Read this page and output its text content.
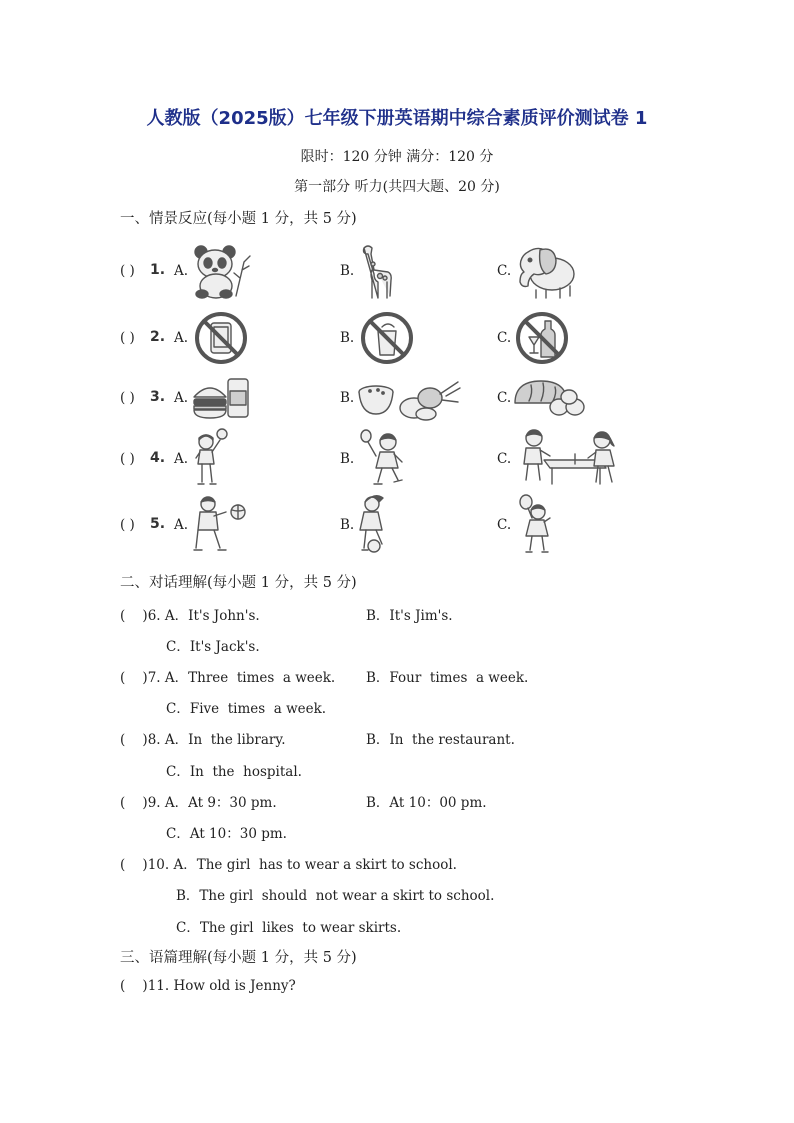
人教版（2025版）七年级下册英语期中综合素质评价测试卷 1
限时：120 分钟 满分：120 分
第一部分 听力(共四大题、20 分)
一、情景反应(每小题 1 分，共 5 分)
( ) 1. A.	B.	C.
( ) 2. A.	B.	C.
( ) 3. A.	B.	C.
( ) 4. A.	B.	C.
( ) 5. A.	B.	C.
二、对话理解(每小题 1 分，共 5 分)
(    )6. A．It's John's.	B．It's Jim's.
C．It's Jack's.
(    )7. A．Three  times  a week. B．Four  times  a week.
C．Five  times  a week.
(    )8. A．In  the library.	B．In  the restaurant.
C．In  the  hospital.
(    )9. A．At 9：30 pm.	B．At 10：00 pm.
C．At 10：30 pm.
(    )10. A．The girl  has to wear a skirt to school.
B．The girl  should  not wear a skirt to school.
C．The girl  likes  to wear skirts.
三、语篇理解(每小题 1 分，共 5 分)
(    )11. How old is Jenny?
